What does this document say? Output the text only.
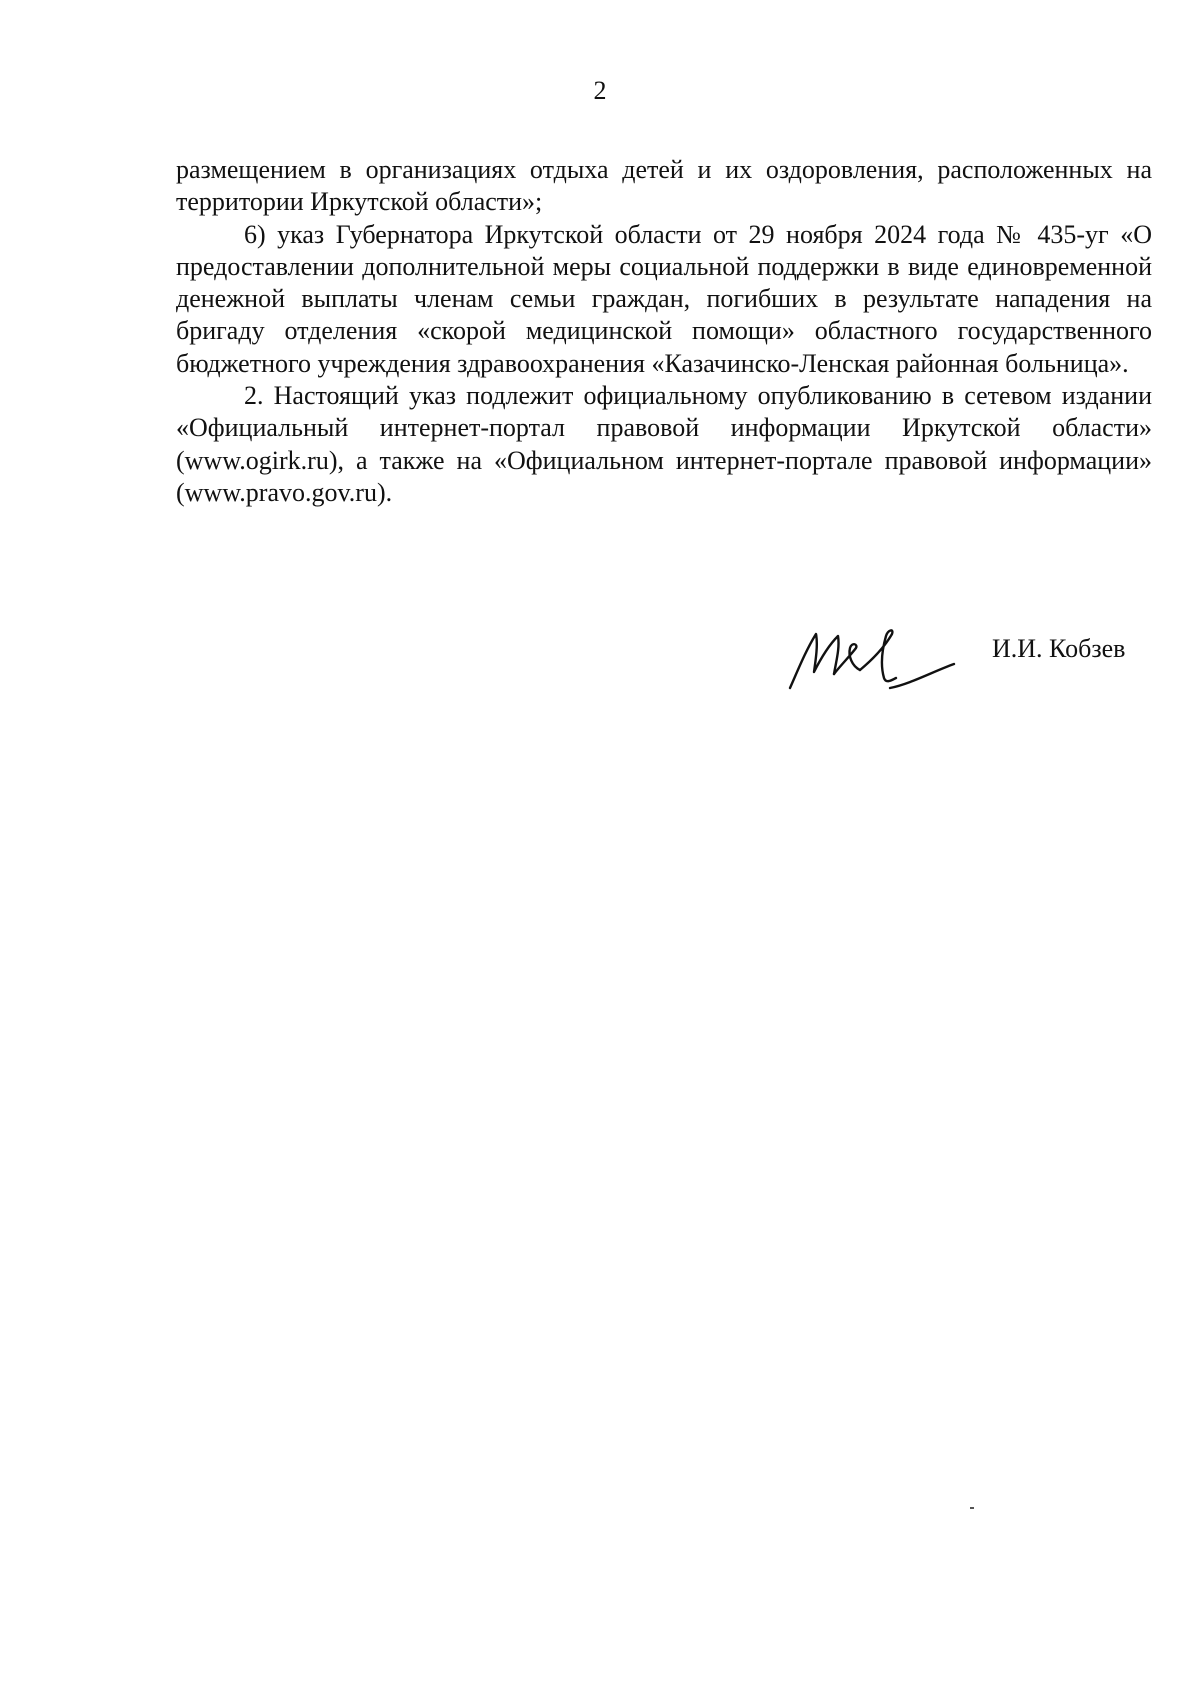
2

размещением в организациях отдыха детей и их оздоровления, расположенных на территории Иркутской области»;

6) указ Губернатора Иркутской области от 29 ноября 2024 года № 435-уг «О предоставлении дополнительной меры социальной поддержки в виде единовременной денежной выплаты членам семьи граждан, погибших в результате нападения на бригаду отделения «скорой медицинской помощи» областного государственного бюджетного учреждения здравоохранения «Казачинско-Ленская районная больница».

2. Настоящий указ подлежит официальному опубликованию в сетевом издании «Официальный интернет-портал правовой информации Иркутской области» (www.ogirk.ru), а также на «Официальном интернет-портале правовой информации» (www.pravo.gov.ru).

И.И. Кобзев
